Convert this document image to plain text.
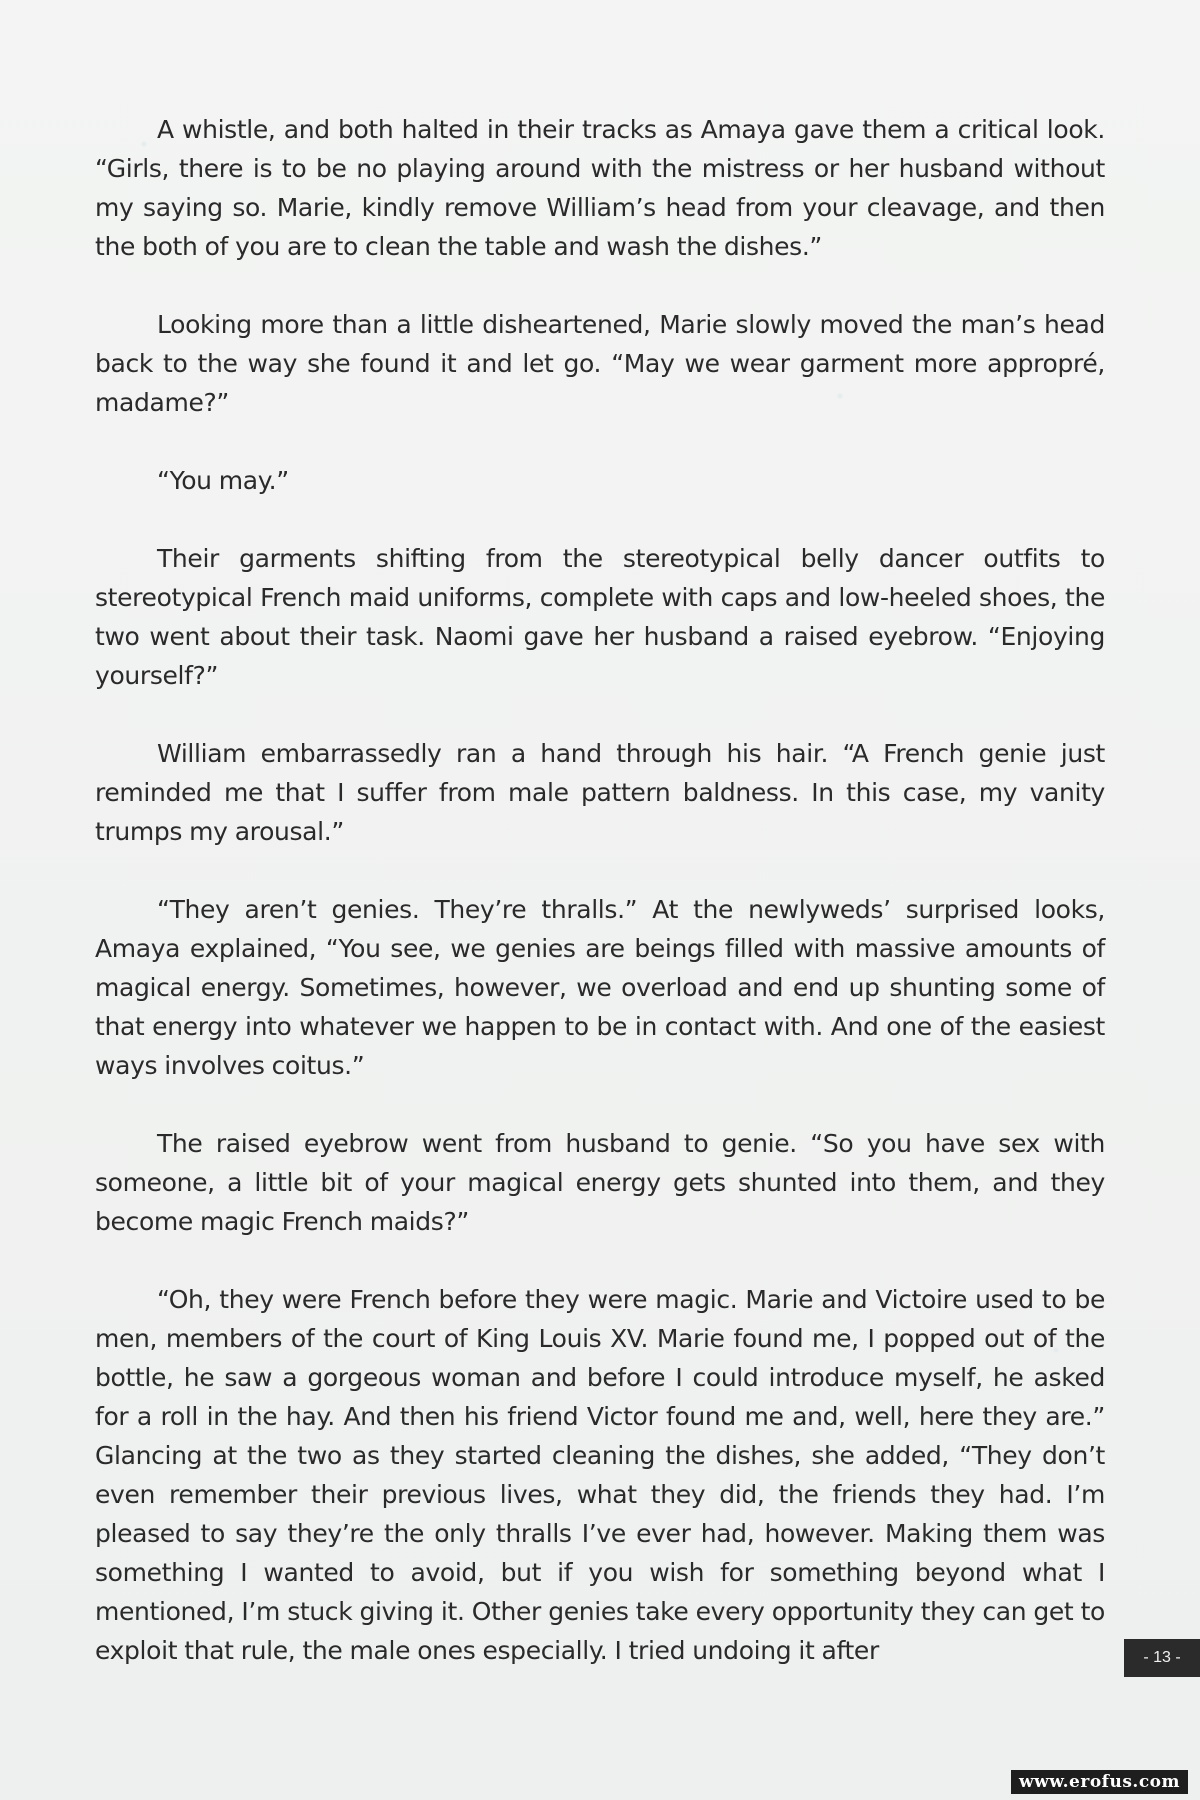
A whistle, and both halted in their tracks as Amaya gave them a critical look. “Girls, there is to be no playing around with the mistress or her husband without my saying so. Marie, kindly remove William’s head from your cleavage, and then the both of you are to clean the table and wash the dishes.”

Looking more than a little disheartened, Marie slowly moved the man’s head back to the way she found it and let go. “May we wear garment more appropré, madame?”

“You may.”

Their garments shifting from the stereotypical belly dancer outfits to stereotypical French maid uniforms, complete with caps and low-heeled shoes, the two went about their task. Naomi gave her husband a raised eyebrow. “Enjoying yourself?”

William embarrassedly ran a hand through his hair. “A French genie just reminded me that I suffer from male pattern baldness. In this case, my vanity trumps my arousal.”

“They aren’t genies. They’re thralls.” At the newlyweds’ surprised looks, Amaya explained, “You see, we genies are beings filled with massive amounts of magical energy. Sometimes, however, we overload and end up shunting some of that energy into whatever we happen to be in contact with. And one of the easiest ways involves coitus.”

The raised eyebrow went from husband to genie. “So you have sex with someone, a little bit of your magical energy gets shunted into them, and they become magic French maids?”

“Oh, they were French before they were magic. Marie and Victoire used to be men, members of the court of King Louis XV. Marie found me, I popped out of the bottle, he saw a gorgeous woman and before I could introduce myself, he asked for a roll in the hay. And then his friend Victor found me and, well, here they are.” Glancing at the two as they started cleaning the dishes, she added, “They don’t even remember their previous lives, what they did, the friends they had. I’m pleased to say they’re the only thralls I’ve ever had, however. Making them was something I wanted to avoid, but if you wish for something beyond what I mentioned, I’m stuck giving it. Other genies take every opportunity they can get to exploit that rule, the male ones especially. I tried undoing it after	- 13 -
www.erofus.com
